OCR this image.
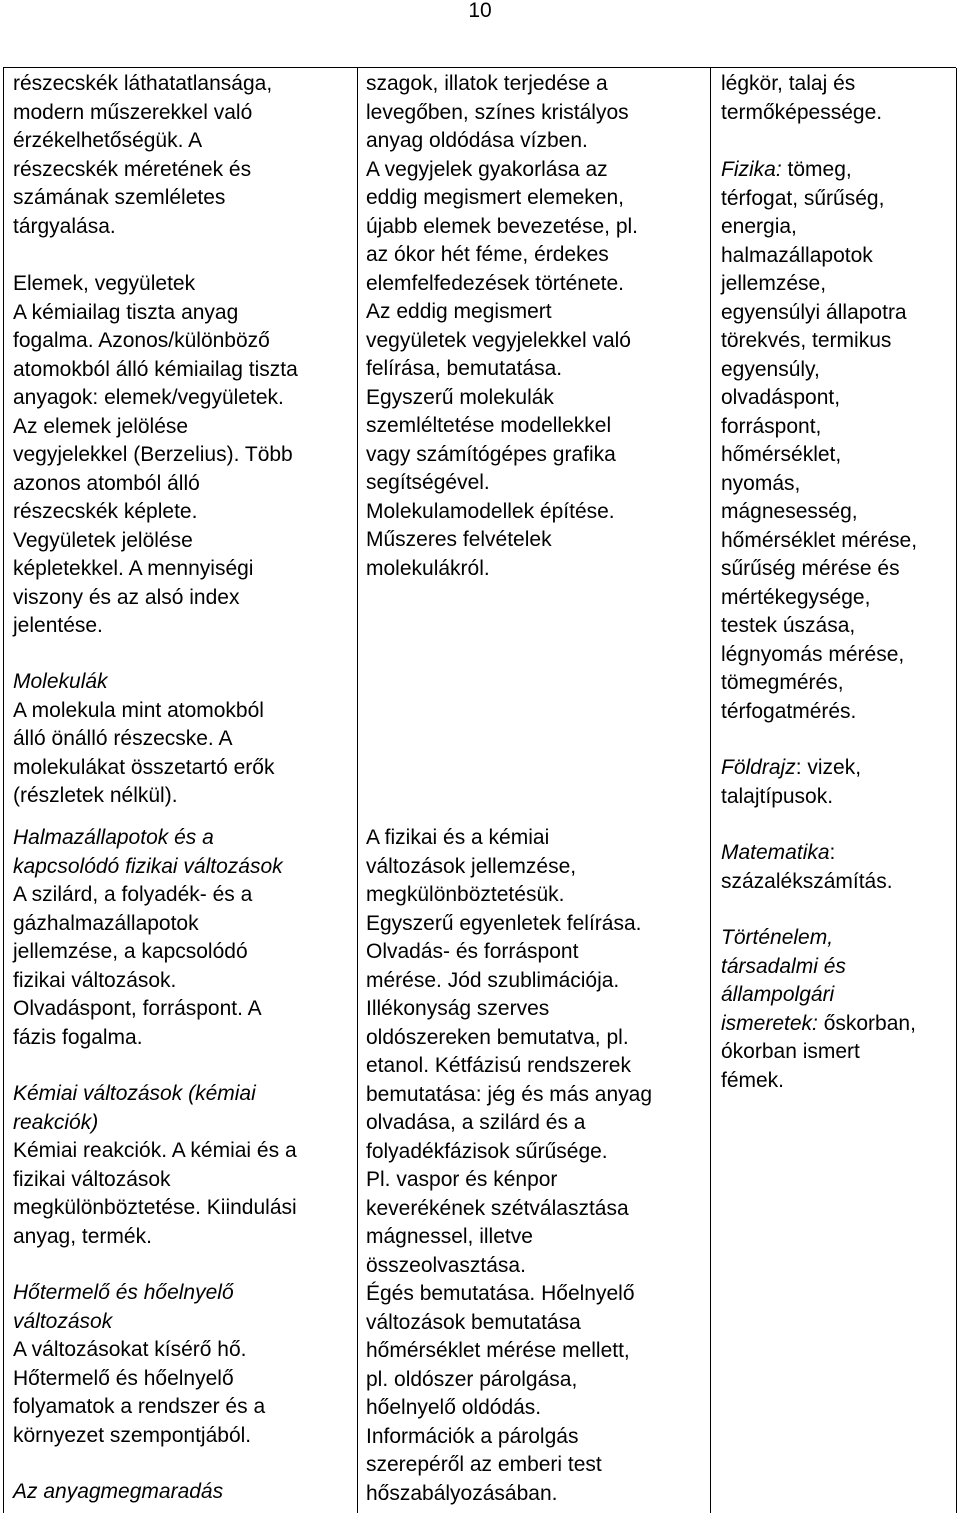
10

részecskék láthatatlansága,

modern műszerekkel való

érzékelhetőségük. A

részecskék méretének és

számának szemléletes

tárgyalása.

Elemek, vegyületek

A kémiailag tiszta anyag

fogalma. Azonos/különböző

atomokból álló kémiailag tiszta

anyagok: elemek/vegyületek.

Az elemek jelölése

vegyjelekkel (Berzelius). Több

azonos atomból álló

részecskék képlete.

Vegyületek jelölése

képletekkel. A mennyiségi

viszony és az alsó index

jelentése.

Molekulák

A molekula mint atomokból

álló önálló részecske. A

molekulákat összetartó erők

(részletek nélkül).

Halmazállapotok és a

kapcsolódó fizikai változások

A szilárd, a folyadék- és a

gázhalmazállapotok

jellemzése, a kapcsolódó

fizikai változások.

Olvadáspont, forráspont. A

fázis fogalma.

Kémiai változások (kémiai

reakciók)

Kémiai reakciók. A kémiai és a

fizikai változások

megkülönböztetése. Kiindulási

anyag, termék.

Hőtermelő és hőelnyelő

változások

A változásokat kísérő hő.

Hőtermelő és hőelnyelő

folyamatok a rendszer és a

környezet szempontjából.

Az anyagmegmaradás

szagok, illatok terjedése a

levegőben, színes kristályos

anyag oldódása vízben.

A vegyjelek gyakorlása az

eddig megismert elemeken,

újabb elemek bevezetése, pl.

az ókor hét féme, érdekes

elemfelfedezések története.

Az eddig megismert

vegyületek vegyjelekkel való

felírása, bemutatása.

Egyszerű molekulák

szemléltetése modellekkel

vagy számítógépes grafika

segítségével.

Molekulamodellek építése.

Műszeres felvételek

molekulákról.

A fizikai és a kémiai

változások jellemzése,

megkülönböztetésük.

Egyszerű egyenletek felírása.

Olvadás- és forráspont

mérése. Jód szublimációja.

Illékonyság szerves

oldószereken bemutatva, pl.

etanol. Kétfázisú rendszerek

bemutatása: jég és más anyag

olvadása, a szilárd és a

folyadékfázisok sűrűsége.

Pl. vaspor és kénpor

keverékének szétválasztása

mágnessel, illetve

összeolvasztása.

Égés bemutatása. Hőelnyelő

változások bemutatása

hőmérséklet mérése mellett,

pl. oldószer párolgása,

hőelnyelő oldódás.

Információk a párolgás

szerepéről az emberi test

hőszabályozásában.

légkör, talaj és

termőképessége.

Fizika: tömeg,

térfogat, sűrűség,

energia,

halmazállapotok

jellemzése,

egyensúlyi állapotra

törekvés, termikus

egyensúly,

olvadáspont,

forráspont,

hőmérséklet,

nyomás,

mágnesesség,

hőmérséklet mérése,

sűrűség mérése és

mértékegysége,

testek úszása,

légnyomás mérése,

tömegmérés,

térfogatmérés.

Földrajz: vizek,

talajtípusok.

Matematika:

százalékszámítás.

Történelem,

társadalmi és

állampolgári

ismeretek: őskorban,

ókorban ismert

fémek.
